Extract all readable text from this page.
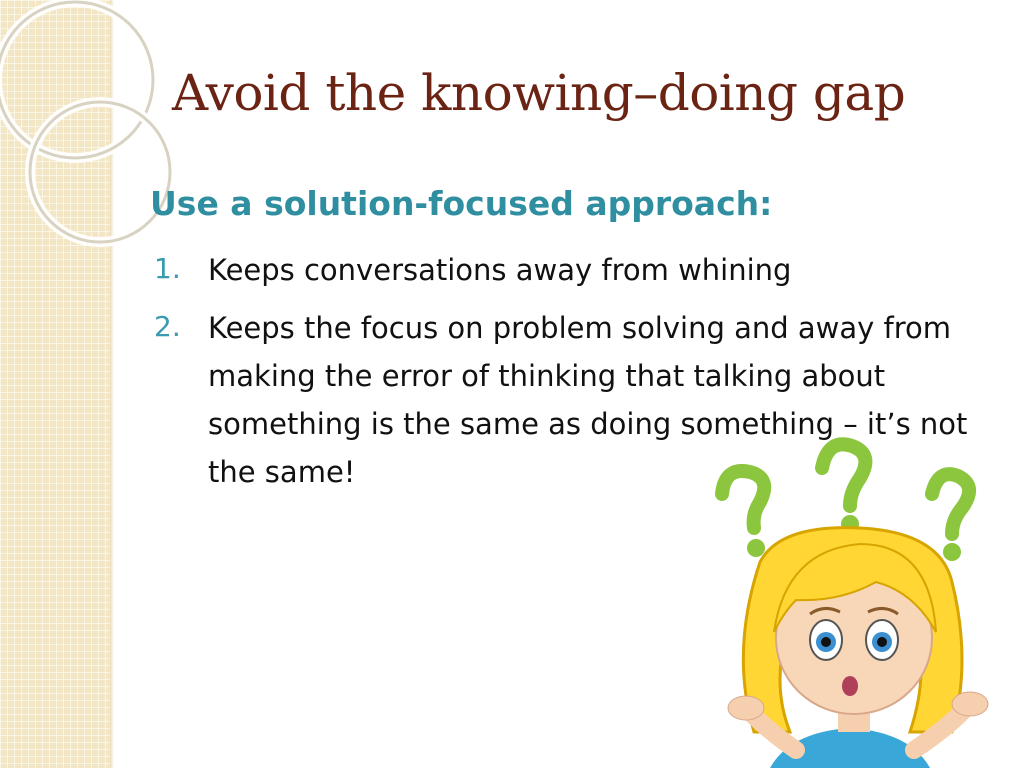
Avoid the knowing–doing gap
Use a solution-focused approach:
1. Keeps conversations away from whining
2. Keeps the focus on problem solving and away from making the error of thinking that talking about something is the same as doing something – it’s not the same!
